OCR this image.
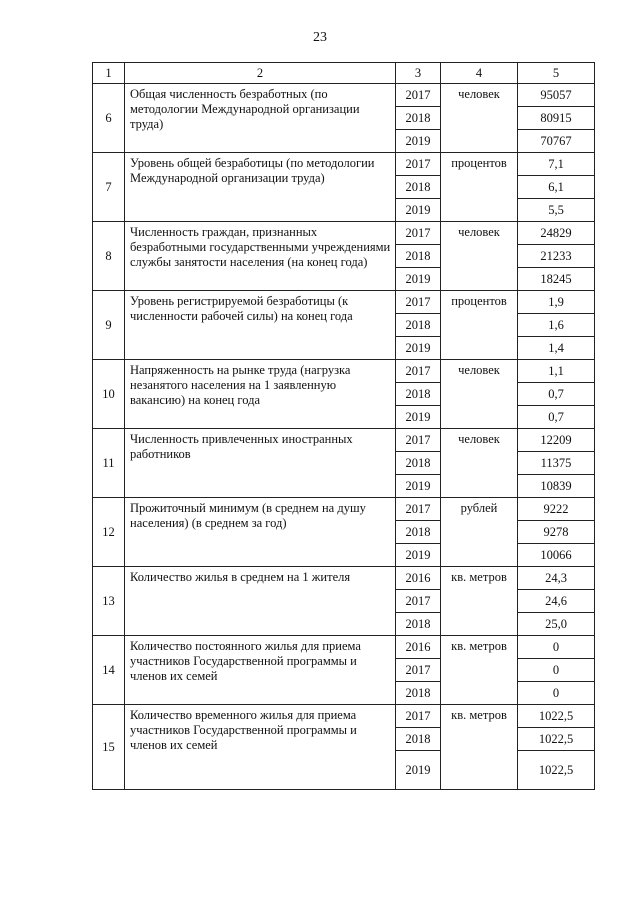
23
1	2	3	4	5
6	Общая численность безработных (по методологии Международной организации труда)	2017	человек	95057
		2018		80915
		2019		70767
7	Уровень общей безработицы (по методологии Международной организации труда)	2017	процентов	7,1
		2018		6,1
		2019		5,5
8	Численность граждан, признанных безработными государственными учреждениями службы занятости населения (на конец года)	2017	человек	24829
		2018		21233
		2019		18245
9	Уровень регистрируемой безработицы (к численности рабочей силы) на конец года	2017	процентов	1,9
		2018		1,6
		2019		1,4
10	Напряженность на рынке труда (нагрузка незанятого населения на 1 заявленную вакансию) на конец года	2017	человек	1,1
		2018		0,7
		2019		0,7
11	Численность привлеченных иностранных работников	2017	человек	12209
		2018		11375
		2019		10839
12	Прожиточный минимум (в среднем на душу населения) (в среднем за год)	2017	рублей	9222
		2018		9278
		2019		10066
13	Количество жилья в среднем на 1 жителя	2016	кв. метров	24,3
		2017		24,6
		2018		25,0
14	Количество постоянного жилья для приема участников Государственной программы и членов их семей	2016	кв. метров	0
		2017		0
		2018		0
15	Количество временного жилья для приема участников Государственной программы и членов их семей	2017	кв. метров	1022,5
		2018		1022,5
		2019		1022,5
